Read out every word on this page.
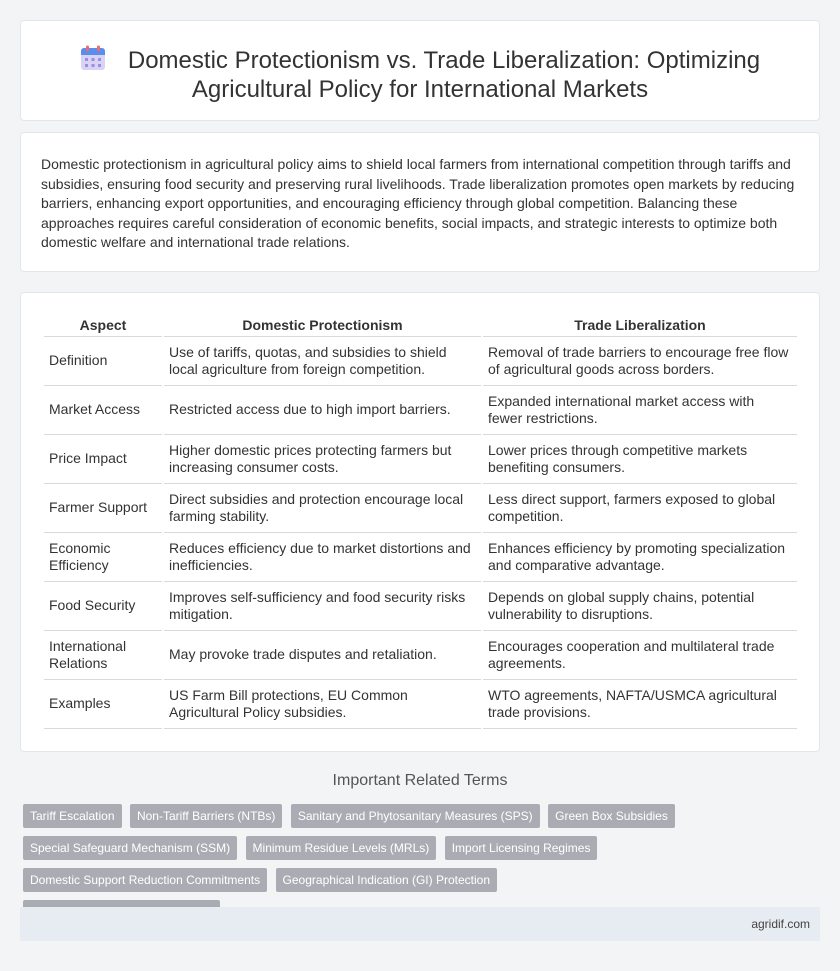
Domestic Protectionism vs. Trade Liberalization: Optimizing
Agricultural Policy for International Markets

Domestic protectionism in agricultural policy aims to shield local farmers from international competition through tariffs and subsidies, ensuring food security and preserving rural livelihoods. Trade liberalization promotes open markets by reducing barriers, enhancing export opportunities, and encouraging efficiency through global competition. Balancing these approaches requires careful consideration of economic benefits, social impacts, and strategic interests to optimize both domestic welfare and international trade relations.

Aspect	Domestic Protectionism	Trade Liberalization
Definition	Use of tariffs, quotas, and subsidies to shield local agriculture from foreign competition.	Removal of trade barriers to encourage free flow of agricultural goods across borders.
Market Access	Restricted access due to high import barriers.	Expanded international market access with fewer restrictions.
Price Impact	Higher domestic prices protecting farmers but increasing consumer costs.	Lower prices through competitive markets benefiting consumers.
Farmer Support	Direct subsidies and protection encourage local farming stability.	Less direct support, farmers exposed to global competition.
Economic Efficiency	Reduces efficiency due to market distortions and inefficiencies.	Enhances efficiency by promoting specialization and comparative advantage.
Food Security	Improves self-sufficiency and food security risks mitigation.	Depends on global supply chains, potential vulnerability to disruptions.
International Relations	May provoke trade disputes and retaliation.	Encourages cooperation and multilateral trade agreements.
Examples	US Farm Bill protections, EU Common Agricultural Policy subsidies.	WTO agreements, NAFTA/USMCA agricultural trade provisions.
Important Related Terms
Tariff Escalation Non-Tariff Barriers (NTBs) Sanitary and Phytosanitary Measures (SPS) Green Box Subsidies Special Safeguard Mechanism (SSM) Minimum Residue Levels (MRLs) Import Licensing Regimes Domestic Support Reduction Commitments Geographical Indication (GI) Protection
agridif.com
